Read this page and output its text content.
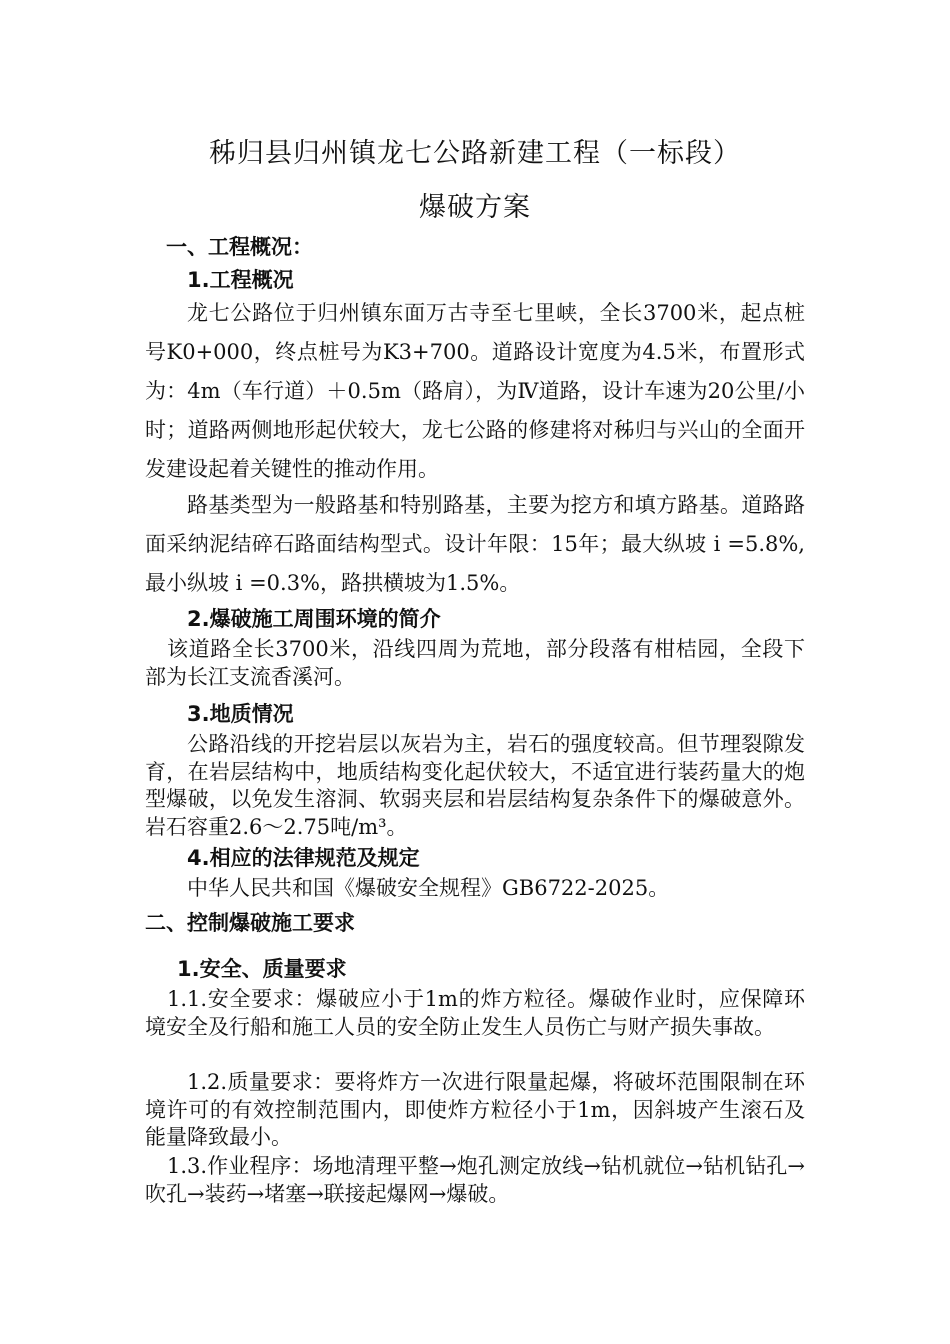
秭归县归州镇龙七公路新建工程（一标段）
爆破方案
一、工程概况：
1.工程概况

龙七公路位于归州镇东面万古寺至七里峡，全长3700米，起点桩号K0+000，终点桩号为K3+700。道路设计宽度为4.5米，布置形式为：4m（车行道）＋0.5m（路肩），为Ⅳ道路，设计车速为20公里/小时；道路两侧地形起伏较大，龙七公路的修建将对秭归与兴山的全面开发建设起着关键性的推动作用。

路基类型为一般路基和特别路基，主要为挖方和填方路基。道路路面采纳泥结碎石路面结构型式。设计年限：15年；最大纵坡 i =5.8%,最小纵坡 i =0.3%，路拱横坡为1.5%。

2.爆破施工周围环境的简介

该道路全长3700米，沿线四周为荒地，部分段落有柑桔园，全段下部为长江支流香溪河。

3.地质情况

公路沿线的开挖岩层以灰岩为主，岩石的强度较高。但节理裂隙发育，在岩层结构中，地质结构变化起伏较大，不适宜进行装药量大的炮型爆破，以免发生溶洞、软弱夹层和岩层结构复杂条件下的爆破意外。岩石容重2.6～2.75吨/m³。

4.相应的法律规范及规定

中华人民共和国《爆破安全规程》GB6722-2025。

二、控制爆破施工要求
1.安全、质量要求

1.1.安全要求：爆破应小于1m的炸方粒径。爆破作业时，应保障环境安全及行船和施工人员的安全防止发生人员伤亡与财产损失事故。

1.2.质量要求：要将炸方一次进行限量起爆，将破坏范围限制在环境许可的有效控制范围内，即使炸方粒径小于1m，因斜坡产生滚石及能量降致最小。

1.3.作业程序：场地清理平整→炮孔测定放线→钻机就位→钻机钻孔→吹孔→装药→堵塞→联接起爆网→爆破。
